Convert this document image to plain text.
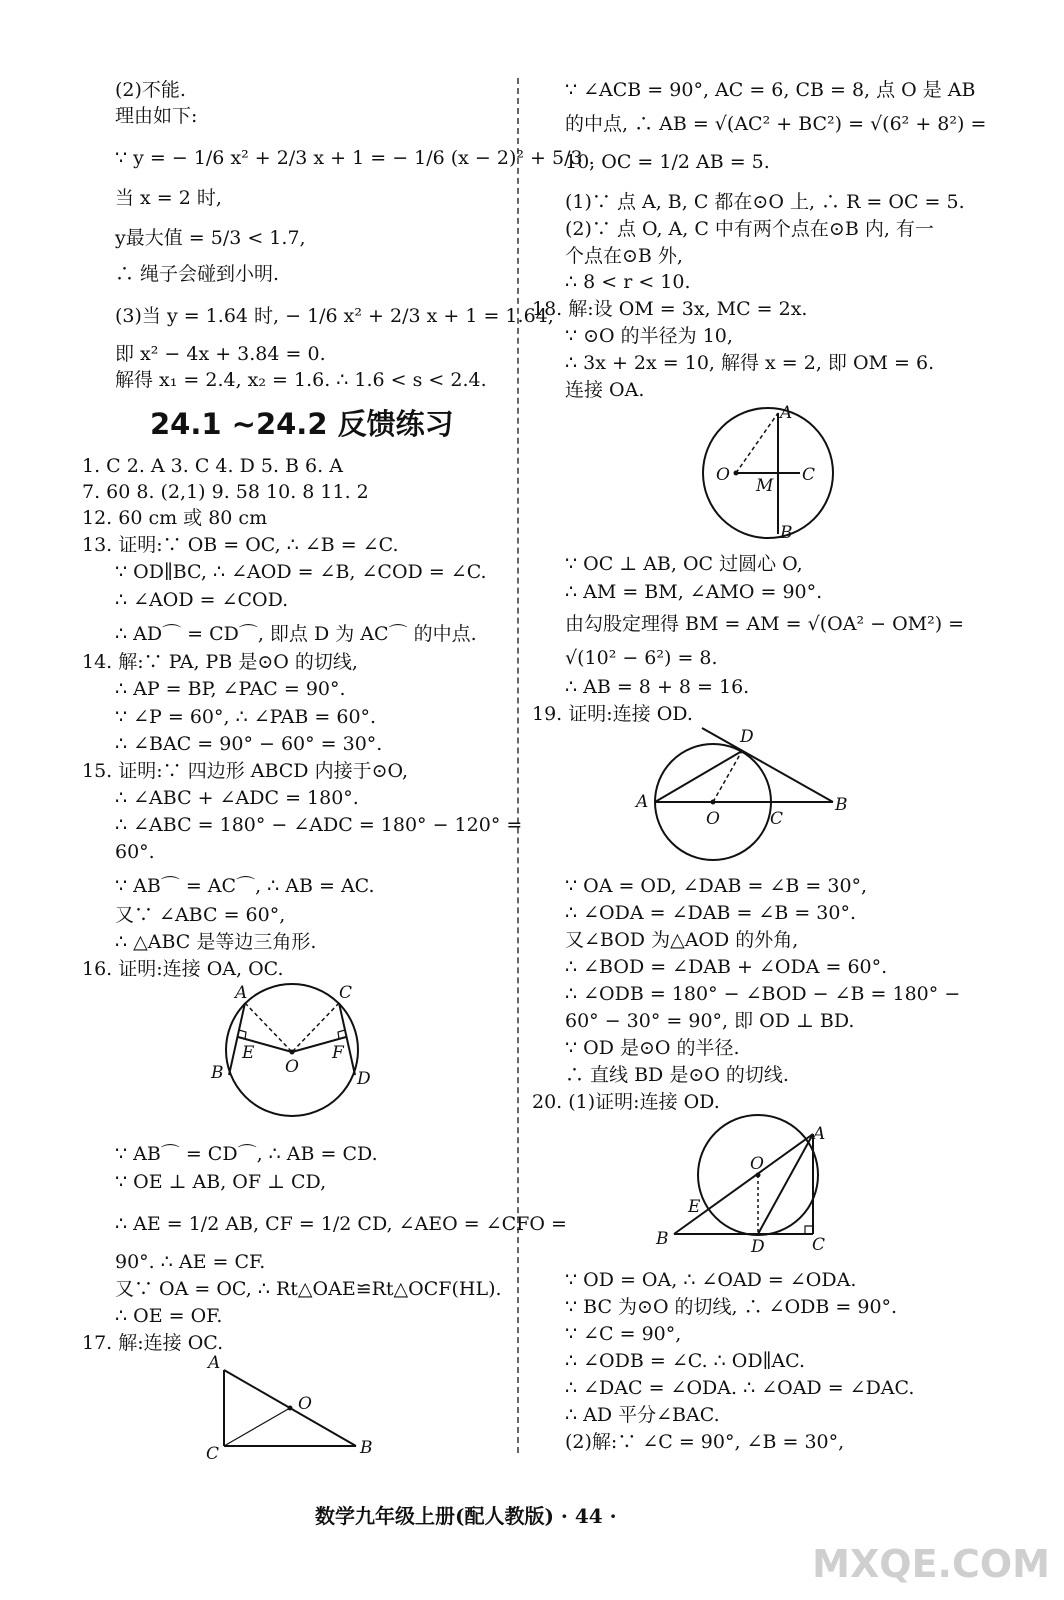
24.1 ~24.2 反馈练习
(2)不能.
理由如下:
∵ y = − 1/6 x² + 2/3 x + 1 = − 1/6 (x − 2)² + 5/3 .
当 x = 2 时,
y最大值 = 5/3 < 1.7,
∴ 绳子会碰到小明.
(3)当 y = 1.64 时, − 1/6 x² + 2/3 x + 1 = 1.64,
即 x² − 4x + 3.84 = 0.
解得 x₁ = 2.4, x₂ = 1.6. ∴ 1.6 < s < 2.4.
1. C 2. A 3. C 4. D 5. B 6. A
7. 60 8. (2,1) 9. 58 10. 8 11. 2
12. 60 cm 或 80 cm
13. 证明:∵ OB = OC, ∴ ∠B = ∠C.
∵ OD∥BC, ∴ ∠AOD = ∠B, ∠COD = ∠C.
∴ ∠AOD = ∠COD.
∴ AD⌒ = CD⌒, 即点 D 为 AC⌒ 的中点.
14. 解:∵ PA, PB 是⊙O 的切线,
∴ AP = BP, ∠PAC = 90°.
∵ ∠P = 60°, ∴ ∠PAB = 60°.
∴ ∠BAC = 90° − 60° = 30°.
15. 证明:∵ 四边形 ABCD 内接于⊙O,
∴ ∠ABC + ∠ADC = 180°.
∴ ∠ABC = 180° − ∠ADC = 180° − 120° =
60°.
∵ AB⌒ = AC⌒, ∴ AB = AC.
又∵ ∠ABC = 60°,
∴ △ABC 是等边三角形.
16. 证明:连接 OA, OC.
∵ AB⌒ = CD⌒, ∴ AB = CD.
∵ OE ⊥ AB, OF ⊥ CD,
∴ AE = 1/2 AB, CF = 1/2 CD, ∠AEO = ∠CFO =
90°. ∴ AE = CF.
又∵ OA = OC, ∴ Rt△OAE≌Rt△OCF(HL).
∴ OE = OF.
17. 解:连接 OC.
∵ ∠ACB = 90°, AC = 6, CB = 8, 点 O 是 AB
的中点, ∴ AB = √(AC² + BC²) = √(6² + 8²) =
10, OC = 1/2 AB = 5.
(1)∵ 点 A, B, C 都在⊙O 上, ∴ R = OC = 5.
(2)∵ 点 O, A, C 中有两个点在⊙B 内, 有一
个点在⊙B 外,
∴ 8 < r < 10.
18. 解:设 OM = 3x, MC = 2x.
∵ ⊙O 的半径为 10,
∴ 3x + 2x = 10, 解得 x = 2, 即 OM = 6.
连接 OA.
∵ OC ⊥ AB, OC 过圆心 O,
∴ AM = BM, ∠AMO = 90°.
由勾股定理得 BM = AM = √(OA² − OM²) =
√(10² − 6²) = 8.
∴ AB = 8 + 8 = 16.
19. 证明:连接 OD.
∵ OA = OD, ∠DAB = ∠B = 30°,
∴ ∠ODA = ∠DAB = ∠B = 30°.
又∠BOD 为△AOD 的外角,
∴ ∠BOD = ∠DAB + ∠ODA = 60°.
∴ ∠ODB = 180° − ∠BOD − ∠B = 180° −
60° − 30° = 90°, 即 OD ⊥ BD.
∵ OD 是⊙O 的半径.
∴ 直线 BD 是⊙O 的切线.
20. (1)证明:连接 OD.
∵ OD = OA, ∴ ∠OAD = ∠ODA.
∵ BC 为⊙O 的切线, ∴ ∠ODB = 90°.
∵ ∠C = 90°,
∴ ∠ODB = ∠C. ∴ OD∥AC.
∴ ∠DAC = ∠ODA. ∴ ∠OAD = ∠DAC.
∴ AD 平分∠BAC.
(2)解:∵ ∠C = 90°, ∠B = 30°,
A	C
E	F
O
B	D
A
O
C	B
A
O
M
C
B
D
A
O	C
B
A
O
E
B	D	C
数学九年级上册(配人教版) · 44 ·
MXQE.COM
